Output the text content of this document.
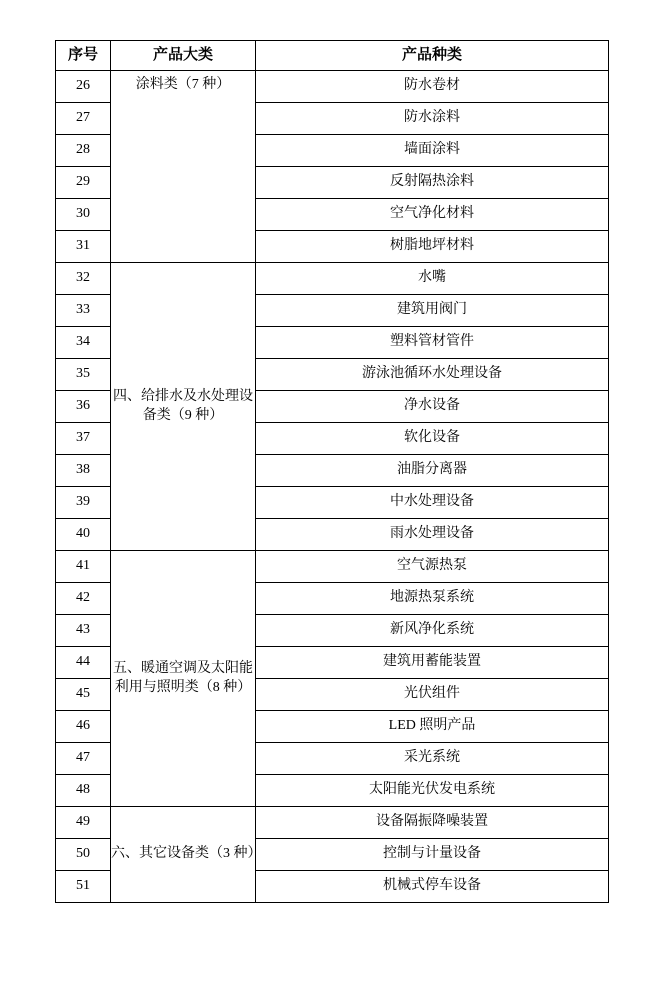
序号	产品大类	产品种类
26	涂料类（7 种）	防水卷材
27		防水涂料
28		墙面涂料
29		反射隔热涂料
30		空气净化材料
31		树脂地坪材料
32	四、给排水及水处理设备类（9 种）	水嘴
33		建筑用阀门
34		塑料管材管件
35		游泳池循环水处理设备
36		净水设备
37		软化设备
38		油脂分离器
39		中水处理设备
40		雨水处理设备
41	五、暖通空调及太阳能利用与照明类（8 种）	空气源热泵
42		地源热泵系统
43		新风净化系统
44		建筑用蓄能装置
45		光伏组件
46		LED 照明产品
47		采光系统
48		太阳能光伏发电系统
49	六、其它设备类（3 种）	设备隔振降噪装置
50		控制与计量设备
51		机械式停车设备
